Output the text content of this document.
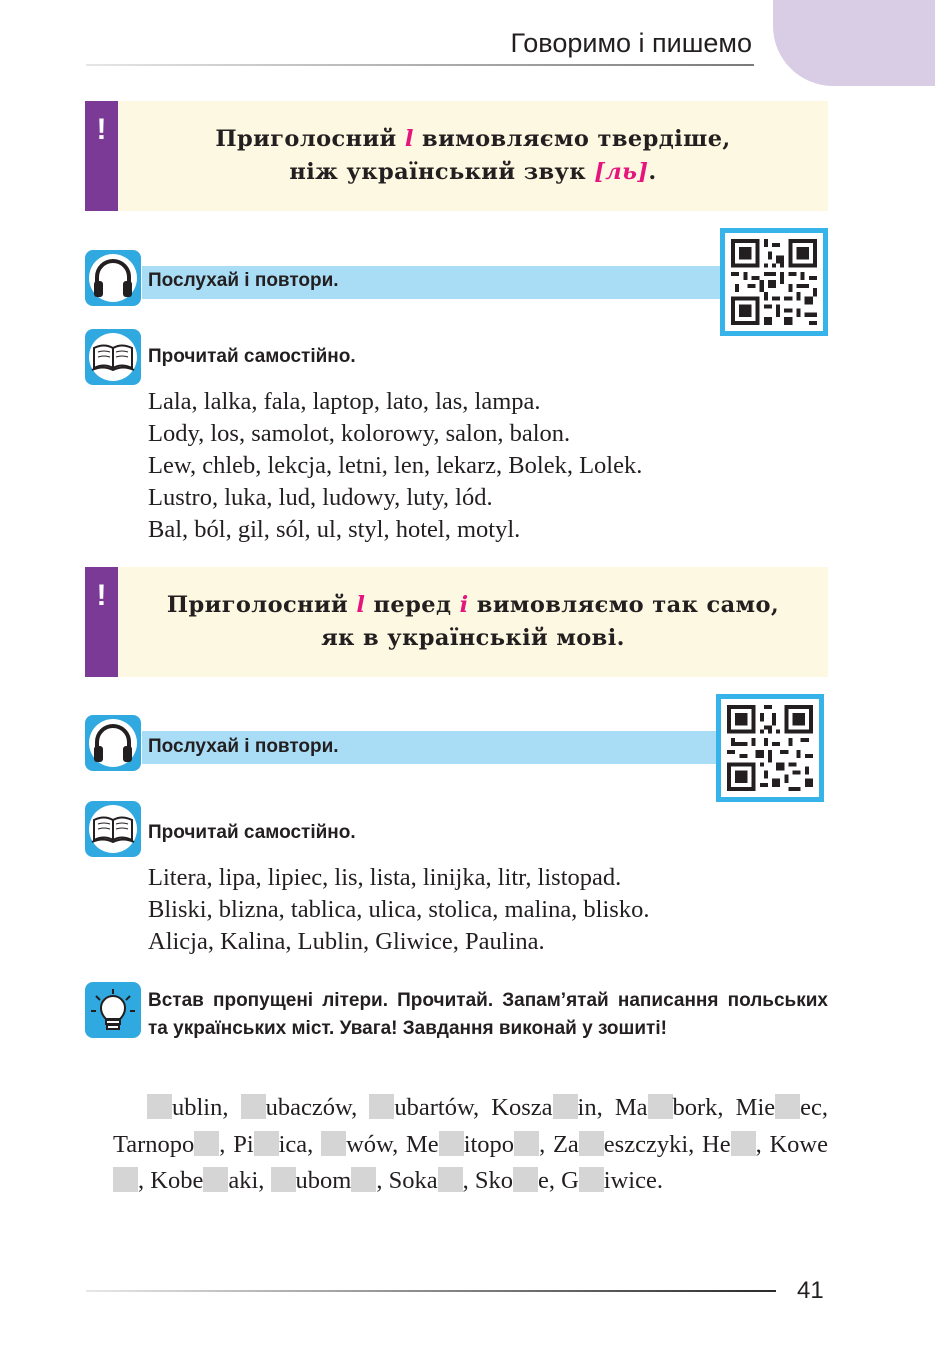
Говоримо і пишемо
!	Приголосний l вимовляємо твердіше,
ніж український звук [ль].
Послухай і повтори.
Прочитай самостійно.
Lala, lalka, fala, laptop, lato, las, lampa.
Lody, los, samolot, kolorowy, salon, balon.
Lew, chleb, lekcja, letni, len, lekarz, Bolek, Lolek.
Lustro, luka, lud, ludowy, luty, lód.
Bal, ból, gil, sól, ul, styl, hotel, motyl.
!	Приголосний l перед i вимовляємо так само,
як в українській мові.
Послухай і повтори.
Прочитай самостійно.
Litera, lipa, lipiec, lis, lista, linijka, litr, listopad.
Bliski, blizna, tablica, ulica, stolica, malina, blisko.
Alicja, Kalina, Lublin, Gliwice, Paulina.
Встав пропущені літери. Прочитай. Запам’ятай написання польських та українських міст. Увага! Завдання виконай у зошиті!
ublin, ubaczów, ubartów, Kosza in, Ma bork, Mie ec, Tarnopo , Pi ica, wów, Me itopo , Za eszczyki, He , Kowe, Kobe aki, ubom , Soka , Sko e, G iwice.
41
